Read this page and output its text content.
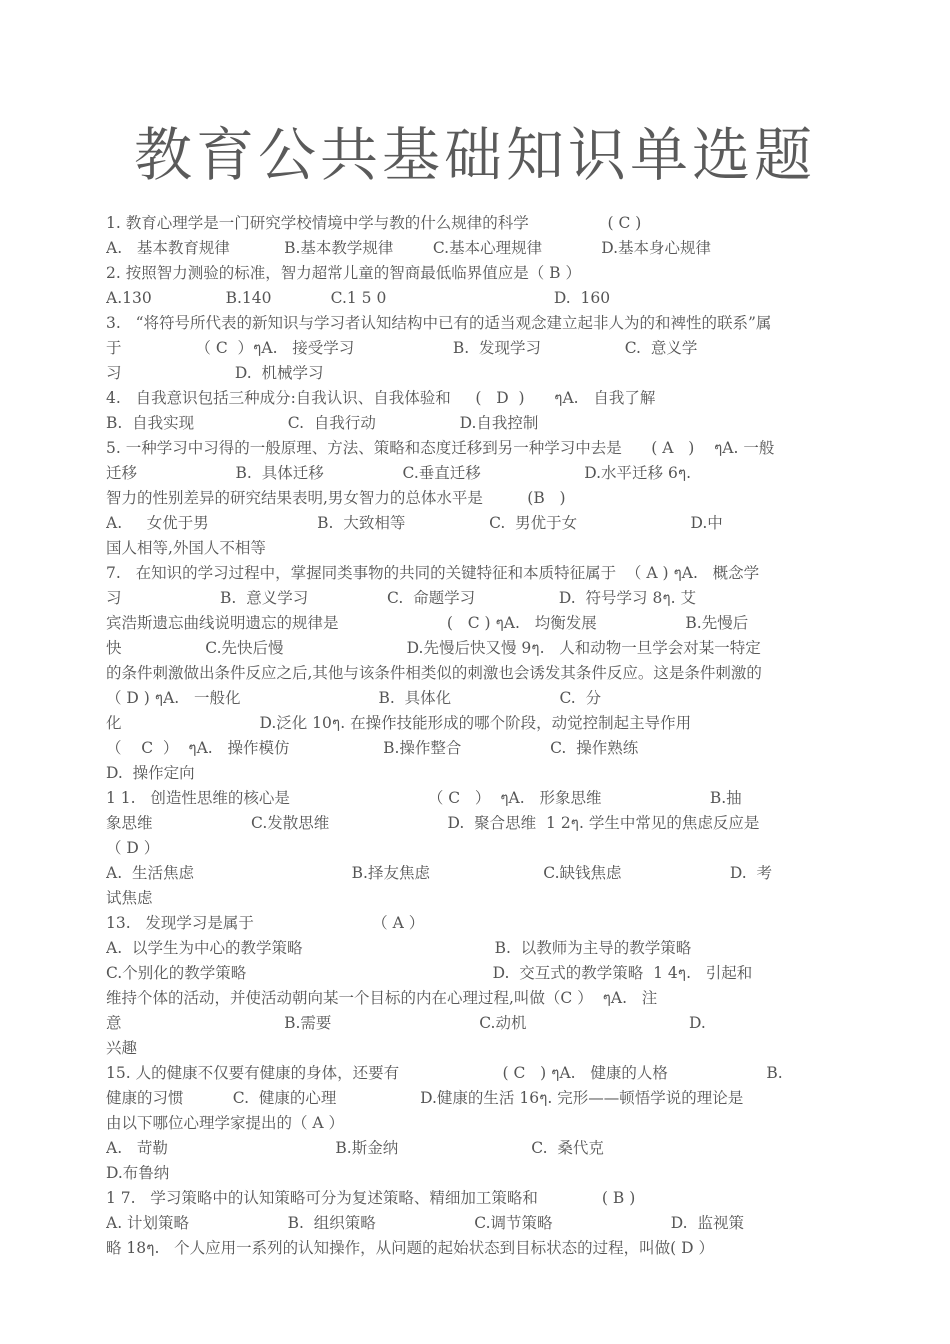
教育公共基础知识单选题
1. 教育心理学是一门研究学校情境中学与教的什么规律的科学                ( C )
A.   基本教育规律           B.基本教学规律        C.基本心理规律            D.基本身心规律
2. 按照智力测验的标准，智力超常儿童的智商最低临界值应是（ B ）
A.130               B.140            C.1 5 0                                  D.  160
3.   “将符号所代表的新知识与学习者认知结构中已有的适当观念建立起非人为的和裨性的联系”属
于               （ C  ）ๆA.   接受学习                    B.  发现学习                 C.  意义学
习                       D.  机械学习
4.   自我意识包括三种成分:自我认识、自我体验和     (   D  )      ๆA.   自我了解
B.  自我实现                   C.  自我行动                 D.自我控制
5. 一种学习中习得的一般原理、方法、策略和态度迁移到另一种学习中去是      ( A   )    ๆA. 一般
迁移                    B.  具体迁移                C.垂直迁移                     D.水平迁移 6ๆ.
智力的性别差异的研究结果表明,男女智力的总体水平是         (B   )
A.     女优于男                      B.  大致相等                 C.  男优于女                       D.中
国人相等,外国人不相等
7.   在知识的学习过程中，掌握同类事物的共同的关键特征和本质特征属于  （ A ) ๆA.   概念学
习                    B.  意义学习                C.  命题学习                 D.  符号学习 8ๆ. 艾
宾浩斯遗忘曲线说明遗忘的规律是                      (   C ) ๆA.   均衡发展                  B.先慢后
快                 C.先快后慢                         D.先慢后快又慢 9ๆ.   人和动物一旦学会对某一特定
的条件刺激做出条件反应之后,其他与该条件相类似的刺激也会诱发其条件反应。这是条件刺激的
（ D ) ๆA.   一般化                            B.  具体化                      C.  分
化                            D.泛化 10ๆ. 在操作技能形成的哪个阶段，动觉控制起主导作用
（    C  ）  ๆA.   操作模仿                   B.操作整合                  C.  操作熟练
D.  操作定向
1 1.   创造性思维的核心是                            （ C   ）  ๆA.   形象思维                      B.抽
象思维                    C.发散思维                        D.  聚合思维  1 2ๆ. 学生中常见的焦虑反应是
（ D ）
A.  生活焦虑                                B.择友焦虑                       C.缺钱焦虑                      D.  考
试焦虑
13.   发现学习是属于                        （ A ）
A.  以学生为中心的教学策略                                       B.  以教师为主导的教学策略
C.个别化的教学策略                                                  D.  交互式的教学策略  1 4ๆ.   引起和
维持个体的活动，并使活动朝向某一个目标的内在心理过程,叫做（C ）  ๆA.   注
意                                 B.需要                              C.动机                                 D.
兴趣
15. 人的健康不仅要有健康的身体，还要有                     ( C   ) ๆA.   健康的人格                    B.
健康的习惯          C.  健康的心理                 D.健康的生活 16ๆ. 完形——顿悟学说的理论是
由以下哪位心理学家提出的（ A ）
A.   苛勒                                  B.斯金纳                           C.  桑代克
D.布鲁纳
1 7.   学习策略中的认知策略可分为复述策略、精细加工策略和             ( B )
A. 计划策略                    B.  组织策略                    C.调节策略                        D.  监视策
略 18ๆ.   个人应用一系列的认知操作，从问题的起始状态到目标状态的过程，叫做( D ）
